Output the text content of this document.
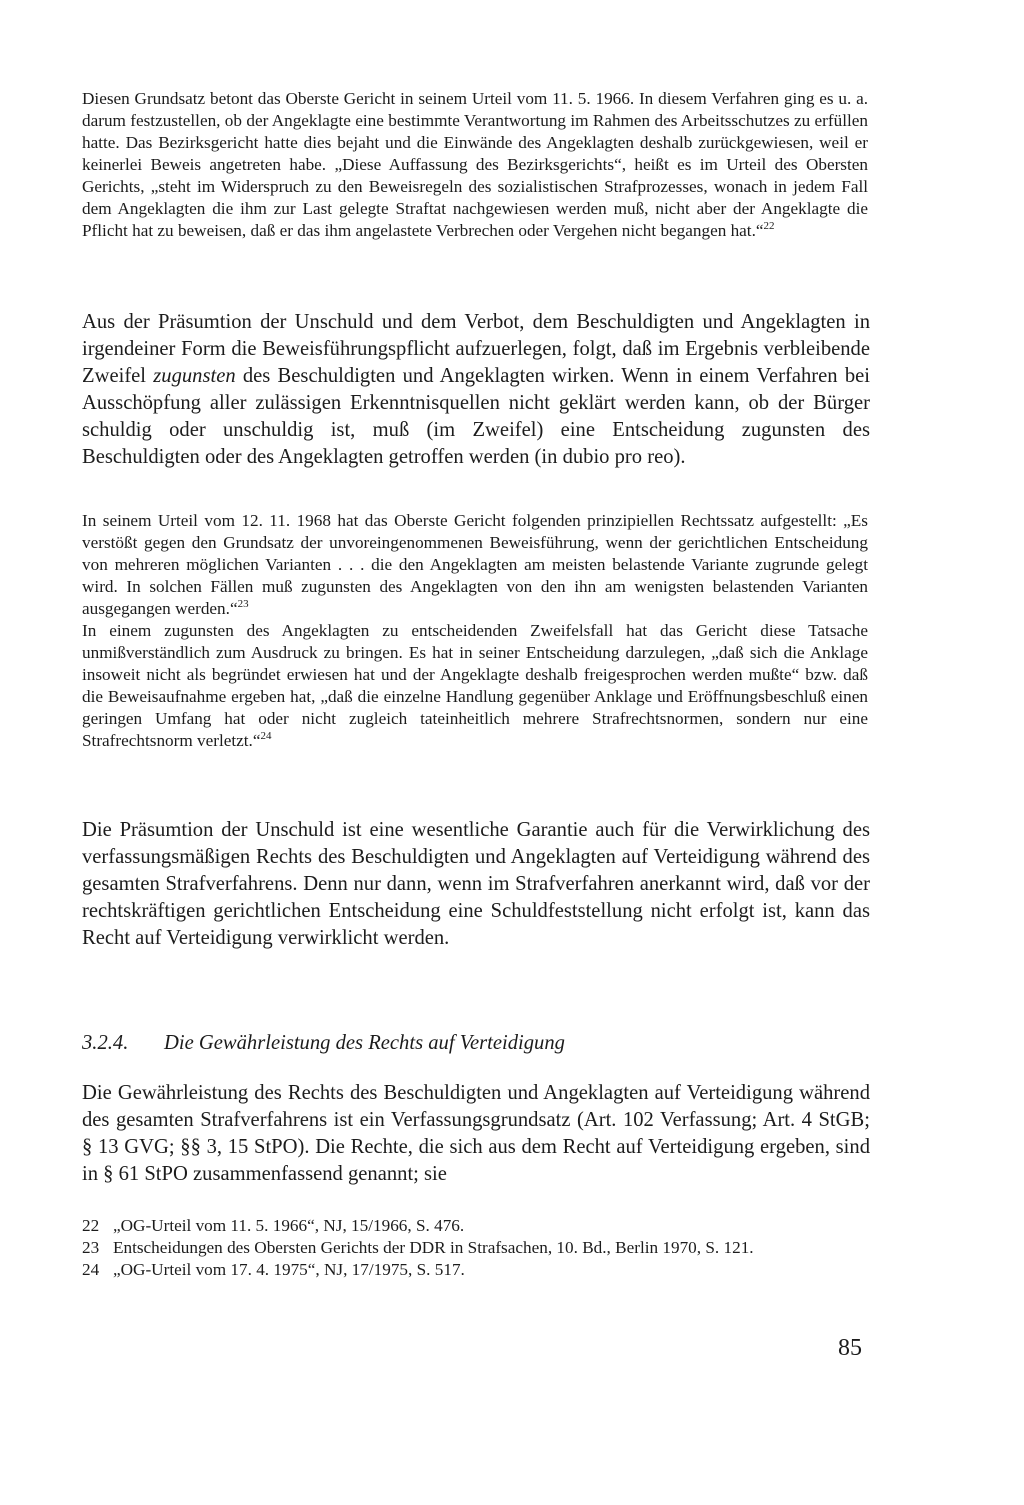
Diesen Grundsatz betont das Oberste Gericht in seinem Urteil vom 11. 5. 1966. In diesem Verfahren ging es u. a. darum festzustellen, ob der Angeklagte eine bestimmte Verantwortung im Rahmen des Arbeitsschutzes zu erfüllen hatte. Das Bezirksgericht hatte dies bejaht und die Einwände des Angeklagten deshalb zurückgewiesen, weil er keinerlei Beweis angetreten habe. „Diese Auffassung des Bezirksgerichts“, heißt es im Urteil des Obersten Gerichts, „steht im Widerspruch zu den Beweisregeln des sozialistischen Strafprozesses, wonach in jedem Fall dem Angeklagten die ihm zur Last gelegte Straftat nachgewiesen werden muß, nicht aber der Angeklagte die Pflicht hat zu beweisen, daß er das ihm angelastete Verbrechen oder Vergehen nicht begangen hat.“$^{22}$

Aus der Präsumtion der Unschuld und dem Verbot, dem Beschuldigten und Angeklagten in irgendeiner Form die Beweisführungspflicht aufzuerlegen, folgt, daß im Ergebnis verbleibende Zweifel zugunsten des Beschuldigten und Angeklagten wirken. Wenn in einem Verfahren bei Ausschöpfung aller zulässigen Erkenntnisquellen nicht geklärt werden kann, ob der Bürger schuldig oder unschuldig ist, muß (im Zweifel) eine Entscheidung zugunsten des Beschuldigten oder des Angeklagten getroffen werden (in dubio pro reo).

In seinem Urteil vom 12. 11. 1968 hat das Oberste Gericht folgenden prinzipiellen Rechtssatz aufgestellt: „Es verstößt gegen den Grundsatz der unvoreingenommenen Beweisführung, wenn der gerichtlichen Entscheidung von mehreren möglichen Varianten . . . die den Angeklagten am meisten belastende Variante zugrunde gelegt wird. In solchen Fällen muß zugunsten des Angeklagten von den ihn am wenigsten belastenden Varianten ausgegangen werden.“$^{23}$

In einem zugunsten des Angeklagten zu entscheidenden Zweifelsfall hat das Gericht diese Tatsache unmißverständlich zum Ausdruck zu bringen. Es hat in seiner Entscheidung darzulegen, „daß sich die Anklage insoweit nicht als begründet erwiesen hat und der Angeklagte deshalb freigesprochen werden mußte“ bzw. daß die Beweisaufnahme ergeben hat, „daß die einzelne Handlung gegenüber Anklage und Eröffnungsbeschluß einen geringen Umfang hat oder nicht zugleich tateinheitlich mehrere Strafrechtsnormen, sondern nur eine Strafrechtsnorm verletzt.“$^{24}$

Die Präsumtion der Unschuld ist eine wesentliche Garantie auch für die Verwirklichung des verfassungsmäßigen Rechts des Beschuldigten und Angeklagten auf Verteidigung während des gesamten Strafverfahrens. Denn nur dann, wenn im Strafverfahren anerkannt wird, daß vor der rechtskräftigen gerichtlichen Entscheidung eine Schuldfeststellung nicht erfolgt ist, kann das Recht auf Verteidigung verwirklicht werden.

3.2.4. Die Gewährleistung des Rechts auf Verteidigung

Die Gewährleistung des Rechts des Beschuldigten und Angeklagten auf Verteidigung während des gesamten Strafverfahrens ist ein Verfassungsgrundsatz (Art. 102 Verfassung; Art. 4 StGB; § 13 GVG; §§ 3, 15 StPO). Die Rechte, die sich aus dem Recht auf Verteidigung ergeben, sind in § 61 StPO zusammenfassend genannt; sie

22 „OG-Urteil vom 11. 5. 1966“, NJ, 15/1966, S. 476.
23 Entscheidungen des Obersten Gerichts der DDR in Strafsachen, 10. Bd., Berlin 1970, S. 121.
24 „OG-Urteil vom 17. 4. 1975“, NJ, 17/1975, S. 517.
85
